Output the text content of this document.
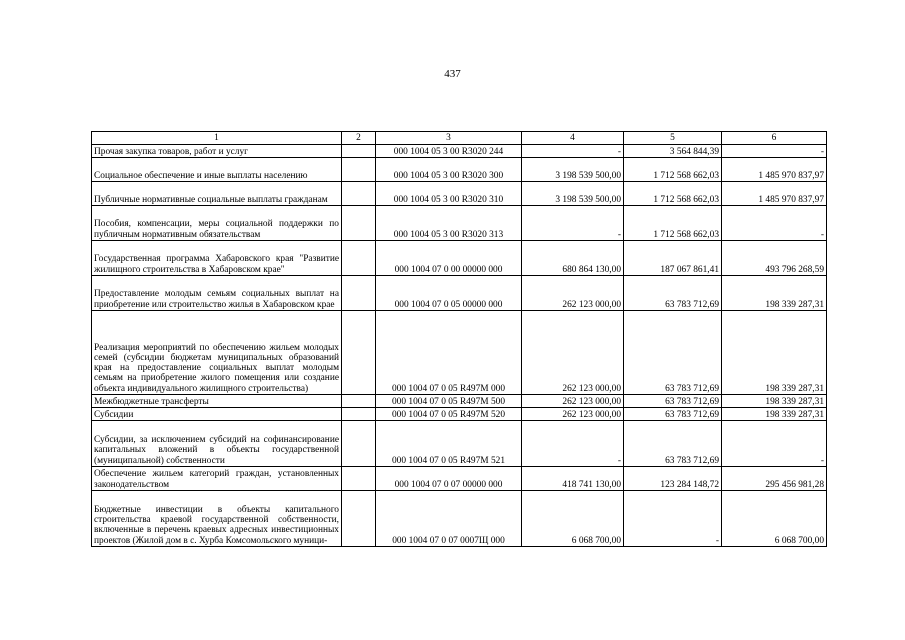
437
1	2	3	4	5	6
Прочая закупка товаров, работ и услуг		000 1004 05 3 00 R3020 244	-	3 564 844,39	-
Социальное обеспечение и иные выплаты населению		000 1004 05 3 00 R3020 300	3 198 539 500,00	1 712 568 662,03	1 485 970 837,97
Публичные нормативные социальные выплаты гражданам		000 1004 05 3 00 R3020 310	3 198 539 500,00	1 712 568 662,03	1 485 970 837,97
Пособия, компенсации, меры социальной поддержки по публичным нормативным обязательствам		000 1004 05 3 00 R3020 313	-	1 712 568 662,03	-
Государственная программа Хабаровского края "Развитие жилищного строительства в Хабаровском крае"		000 1004 07 0 00 00000 000	680 864 130,00	187 067 861,41	493 796 268,59
Предоставление молодым семьям социальных выплат на приобретение или строительство жилья в Хабаровском крае		000 1004 07 0 05 00000 000	262 123 000,00	63 783 712,69	198 339 287,31
Реализация мероприятий по обеспечению жильем молодых семей (субсидии бюджетам муниципальных образований края на предоставление социальных выплат молодым семьям на приобретение жилого помещения или создание объекта индивидуального жилищного строительства)		000 1004 07 0 05 R497M 000	262 123 000,00	63 783 712,69	198 339 287,31
Межбюджетные трансферты		000 1004 07 0 05 R497M 500	262 123 000,00	63 783 712,69	198 339 287,31
Субсидии		000 1004 07 0 05 R497M 520	262 123 000,00	63 783 712,69	198 339 287,31
Субсидии, за исключением субсидий на софинансирование капитальных вложений в объекты государственной (муниципальной) собственности		000 1004 07 0 05 R497M 521	-	63 783 712,69	-
Обеспечение жильем категорий граждан, установленных законодательством		000 1004 07 0 07 00000 000	418 741 130,00	123 284 148,72	295 456 981,28
Бюджетные инвестиции в объекты капитального строительства краевой государственной собственности, включенные в перечень краевых адресных инвестиционных проектов (Жилой дом в с. Хурба Комсомольского муници-		000 1004 07 0 07 0007Щ 000	6 068 700,00	-	6 068 700,00
